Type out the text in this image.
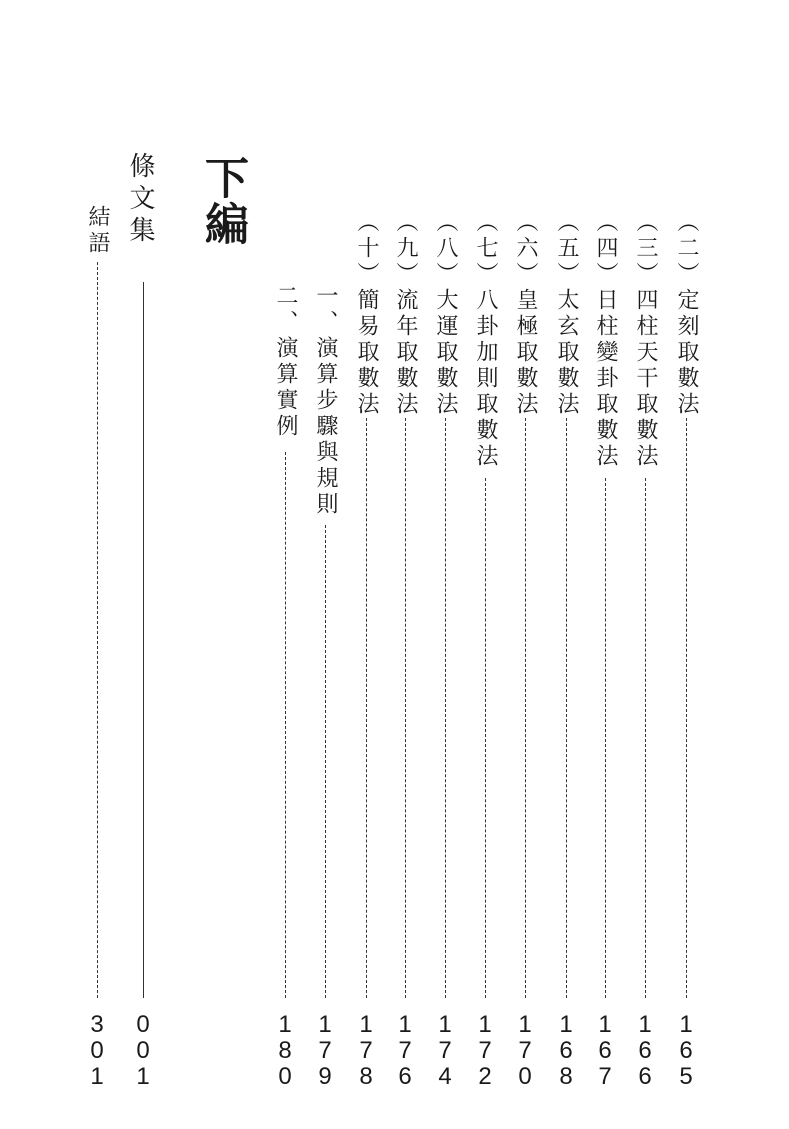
下編
條文集
0
0
1
結語
3
0
1
（二）定刻取數法
1
6
5
（三）四柱天干取數法
1
6
6
（四）日柱變卦取數法
1
6
7
（五）太玄取數法
1
6
8
（六）皇極取數法
1
7
0
（七）八卦加則取數法
1
7
2
（八）大運取數法
1
7
4
（九）流年取數法
1
7
6
（十）簡易取數法
1
7
8
一、演算步驟與規則
1
7
9
二、演算實例
1
8
0
